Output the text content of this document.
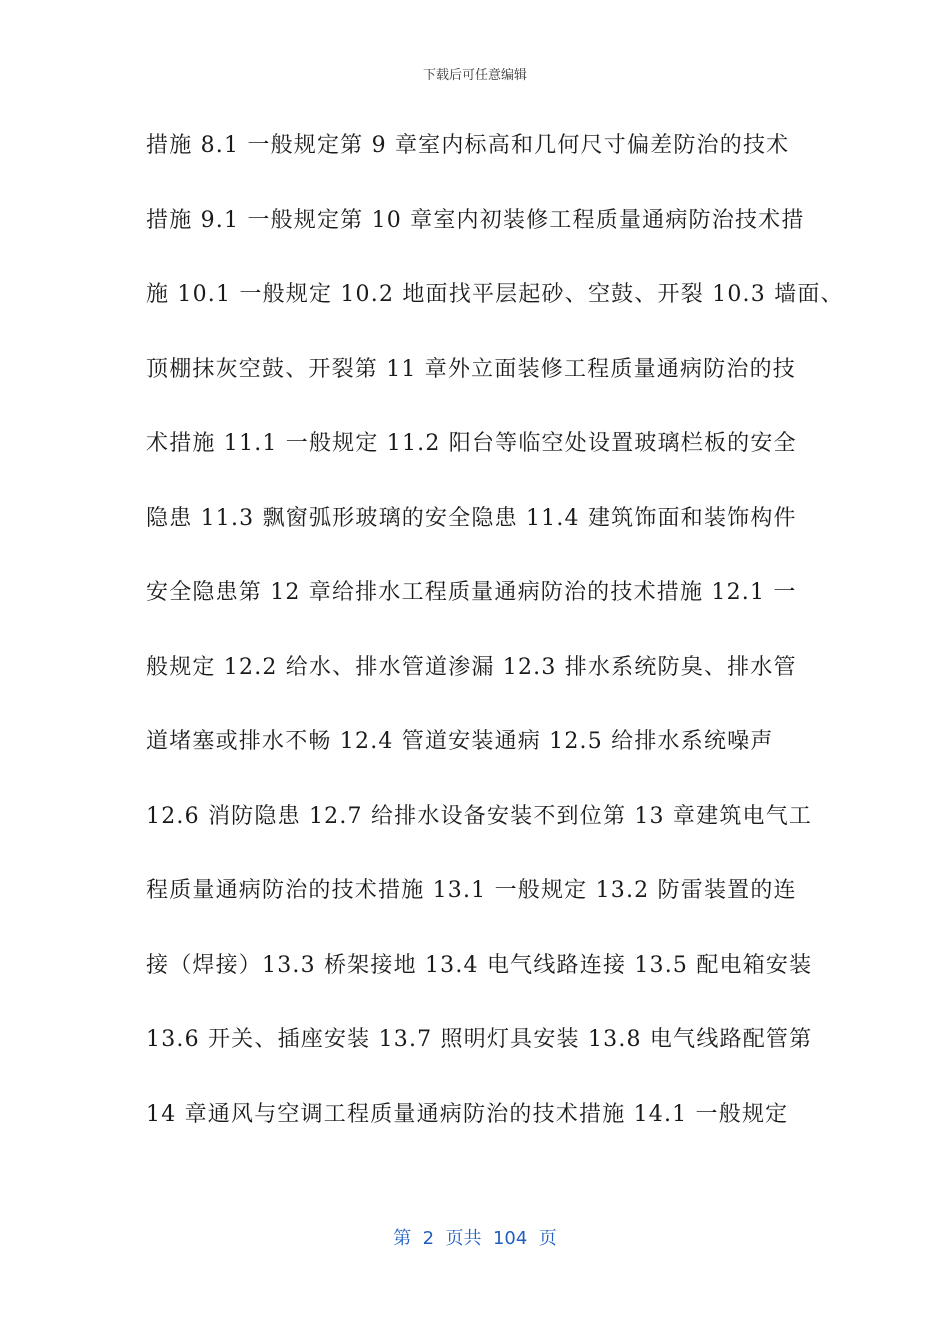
下载后可任意编辑
措施 8.1 一般规定第 9 章室内标高和几何尺寸偏差防治的技术
措施 9.1 一般规定第 10 章室内初装修工程质量通病防治技术措
施 10.1 一般规定 10.2 地面找平层起砂、空鼓、开裂 10.3 墙面、
顶棚抹灰空鼓、开裂第 11 章外立面装修工程质量通病防治的技
术措施 11.1 一般规定 11.2 阳台等临空处设置玻璃栏板的安全
隐患 11.3 飘窗弧形玻璃的安全隐患 11.4 建筑饰面和装饰构件
安全隐患第 12 章给排水工程质量通病防治的技术措施 12.1 一
般规定 12.2 给水、排水管道渗漏 12.3 排水系统防臭、排水管
道堵塞或排水不畅 12.4 管道安装通病 12.5 给排水系统噪声
12.6 消防隐患 12.7 给排水设备安装不到位第 13 章建筑电气工
程质量通病防治的技术措施 13.1 一般规定 13.2 防雷装置的连
接（焊接）13.3 桥架接地 13.4 电气线路连接 13.5 配电箱安装
13.6 开关、插座安装 13.7 照明灯具安装 13.8 电气线路配管第
14 章通风与空调工程质量通病防治的技术措施 14.1 一般规定
第  2  页共  104  页
